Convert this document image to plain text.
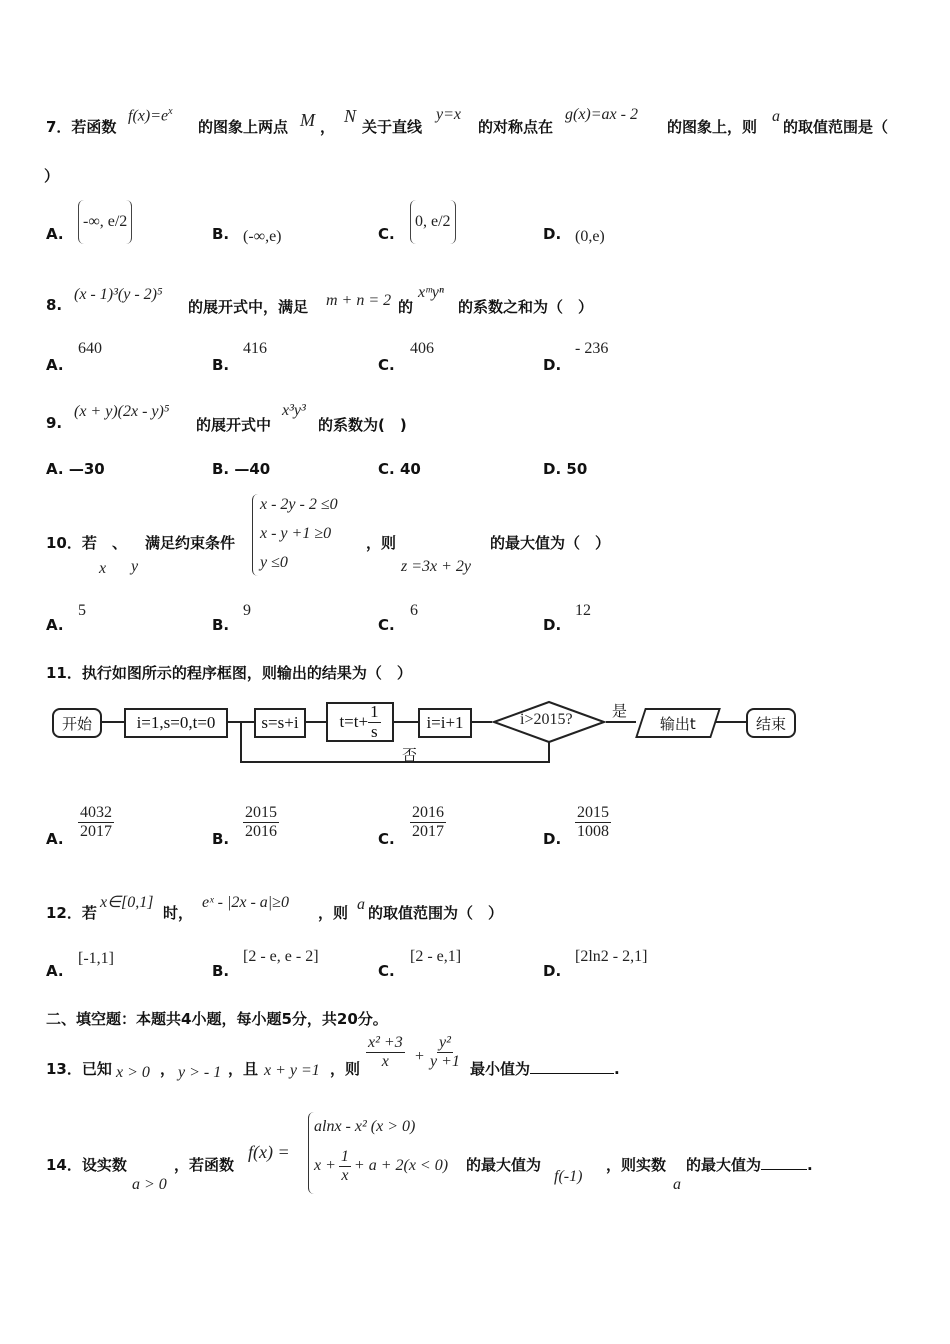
7．若函数
$f(x)=e^x$
的图象上两点 M ，
N
关于直线
y=x
的对称点在
g(x)=ax - 2
的图象上，则
a
的取值范围是（
）
A.
-∞, e/2
B. (-∞,e)	C.
0, e/2
D. (0,e)
8.
(x - 1)³(y - 2)⁵
的展开式中，满足 m + n = 2 的
xᵐyⁿ
的系数之和为（　）
A.
640
B.
416
C.
406
D.
- 236
9.
(x + y)(2x - y)⁵
的展开式中
x³y³
的系数为(　)
A. —30	B. —40	C. 40	D. 50
10．若 、 满足约束条件
x y
x - 2y - 2 ≤0
x - y +1 ≥0
y ≤0
，则
z =3x + 2y
的最大值为（　）
A.
5
B.
9
C.
6
D.
12
11．执行如图所示的程序框图，则输出的结果为（　）
开始	i=1,s=0,t=0	s=s+i	$t=t+ \frac{1}{s}$	i=i+1	i>2015?	是
输出t	结束
否
A. $\frac{4032}{2017}$	B. $\frac{2015}{2016}$	C. $\frac{2016}{2017}$	D. $\frac{2015}{1008}$
12．若
x∈[0,1]
时，
eˣ - |2x - a|≥0
，则 a 的取值范围为（　）
A.
[-1,1]
B.
[2 - e, e - 2]
C.
[2 - e,1]
D.
[2ln2 - 2,1]
二、填空题：本题共4小题，每小题5分，共20分。
13．已知 x > 0 ， y > - 1 ，且 x + y =1 ，则 $\frac{\text{x² +3}}{x} + \frac{\text{y²}}{y +1}$ 最小值为	.
14．设实数
a > 0
，若函数
f(x) =
alnx - x² (x > 0)
$x + \frac{1}{x} + a + 2(x < 0)$ 的最大值为
f(-1)
，则实数
a
的最大值为	.
